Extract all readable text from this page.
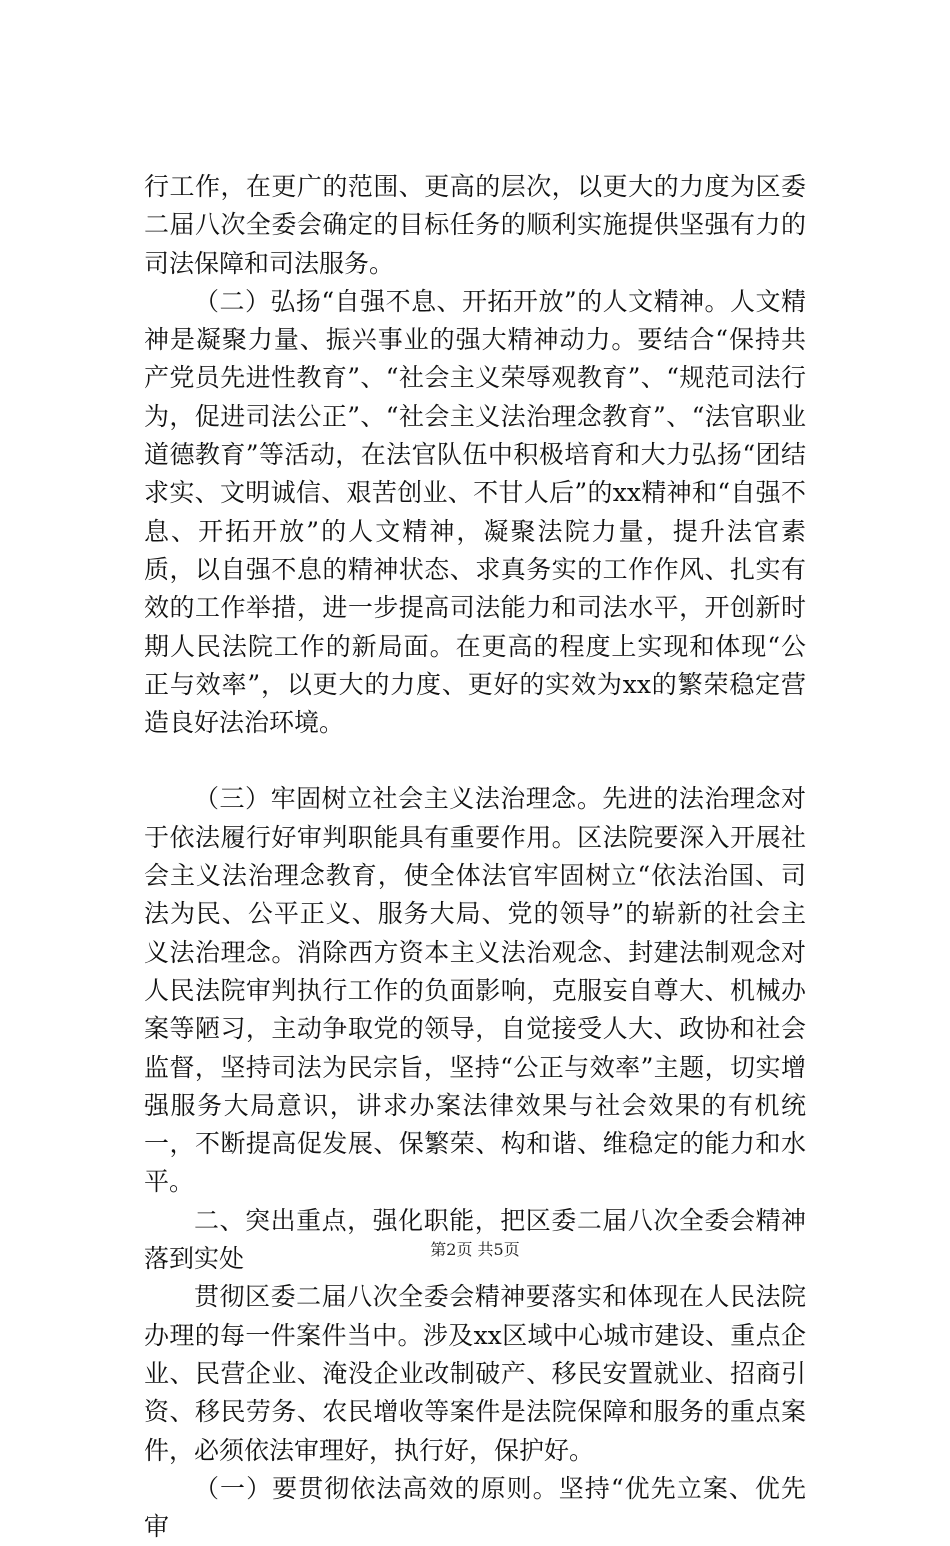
行工作，在更广的范围、更高的层次，以更大的力度为区委二届八次全委会确定的目标任务的顺利实施提供坚强有力的司法保障和司法服务。

（二）弘扬“自强不息、开拓开放”的人文精神。人文精神是凝聚力量、振兴事业的强大精神动力。要结合“保持共产党员先进性教育”、“社会主义荣辱观教育”、“规范司法行为，促进司法公正”、“社会主义法治理念教育”、“法官职业道德教育”等活动，在法官队伍中积极培育和大力弘扬“团结求实、文明诚信、艰苦创业、不甘人后”的xx精神和“自强不息、开拓开放”的人文精神，凝聚法院力量，提升法官素质，以自强不息的精神状态、求真务实的工作作风、扎实有效的工作举措，进一步提高司法能力和司法水平，开创新时期人民法院工作的新局面。在更高的程度上实现和体现“公正与效率”，以更大的力度、更好的实效为xx的繁荣稳定营造良好法治环境。

（三）牢固树立社会主义法治理念。先进的法治理念对于依法履行好审判职能具有重要作用。区法院要深入开展社会主义法治理念教育，使全体法官牢固树立“依法治国、司法为民、公平正义、服务大局、党的领导”的崭新的社会主义法治理念。消除西方资本主义法治观念、封建法制观念对人民法院审判执行工作的负面影响，克服妄自尊大、机械办案等陋习，主动争取党的领导，自觉接受人大、政协和社会监督，坚持司法为民宗旨，坚持“公正与效率”主题，切实增强服务大局意识，讲求办案法律效果与社会效果的有机统一，不断提高促发展、保繁荣、构和谐、维稳定的能力和水平。

二、突出重点，强化职能，把区委二届八次全委会精神落到实处

贯彻区委二届八次全委会精神要落实和体现在人民法院办理的每一件案件当中。涉及xx区域中心城市建设、重点企业、民营企业、淹没企业改制破产、移民安置就业、招商引资、移民劳务、农民增收等案件是法院保障和服务的重点案件，必须依法审理好，执行好，保护好。

（一）要贯彻依法高效的原则。坚持“优先立案、优先审

第2页 共5页
